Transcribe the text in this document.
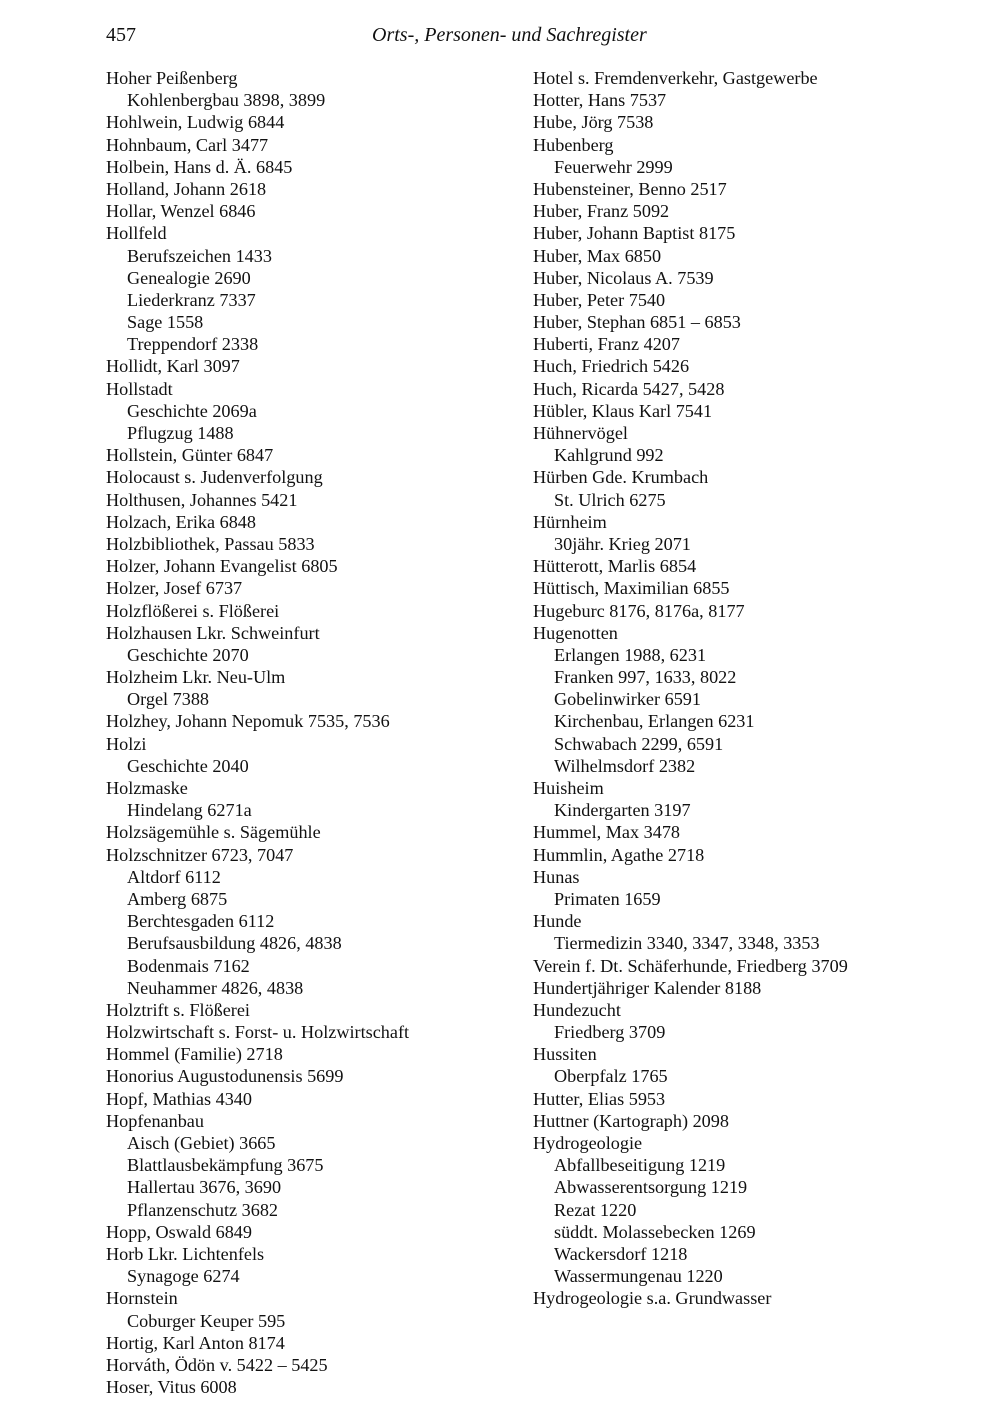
457	Orts-, Personen- und Sachregister
Hoher Peißenberg
Kohlenbergbau 3898, 3899
Hohlwein, Ludwig 6844
Hohnbaum, Carl 3477
Holbein, Hans d. Ä. 6845
Holland, Johann 2618
Hollar, Wenzel 6846
Hollfeld
Berufszeichen 1433
Genealogie 2690
Liederkranz 7337
Sage 1558
Treppendorf 2338
Hollidt, Karl 3097
Hollstadt
Geschichte 2069a
Pflugzug 1488
Hollstein, Günter 6847
Holocaust s. Judenverfolgung
Holthusen, Johannes 5421
Holzach, Erika 6848
Holzbibliothek, Passau 5833
Holzer, Johann Evangelist 6805
Holzer, Josef 6737
Holzflößerei s. Flößerei
Holzhausen Lkr. Schweinfurt
Geschichte 2070
Holzheim Lkr. Neu-Ulm
Orgel 7388
Holzhey, Johann Nepomuk 7535, 7536
Holzi
Geschichte 2040
Holzmaske
Hindelang 6271a
Holzsägemühle s. Sägemühle
Holzschnitzer 6723, 7047
Altdorf 6112
Amberg 6875
Berchtesgaden 6112
Berufsausbildung 4826, 4838
Bodenmais 7162
Neuhammer 4826, 4838
Holztrift s. Flößerei
Holzwirtschaft s. Forst- u. Holzwirtschaft
Hommel (Familie) 2718
Honorius Augustodunensis 5699
Hopf, Mathias 4340
Hopfenanbau
Aisch (Gebiet) 3665
Blattlausbekämpfung 3675
Hallertau 3676, 3690
Pflanzenschutz 3682
Hopp, Oswald 6849
Horb Lkr. Lichtenfels
Synagoge 6274
Hornstein
Coburger Keuper 595
Hortig, Karl Anton 8174
Horváth, Ödön v. 5422 – 5425
Hoser, Vitus 6008
Hotel s. Fremdenverkehr, Gastgewerbe
Hotter, Hans 7537
Hube, Jörg 7538
Hubenberg
Feuerwehr 2999
Hubensteiner, Benno 2517
Huber, Franz 5092
Huber, Johann Baptist 8175
Huber, Max 6850
Huber, Nicolaus A. 7539
Huber, Peter 7540
Huber, Stephan 6851 – 6853
Huberti, Franz 4207
Huch, Friedrich 5426
Huch, Ricarda 5427, 5428
Hübler, Klaus Karl 7541
Hühnervögel
Kahlgrund 992
Hürben Gde. Krumbach
St. Ulrich 6275
Hürnheim
30jähr. Krieg 2071
Hütterott, Marlis 6854
Hüttisch, Maximilian 6855
Hugeburc 8176, 8176a, 8177
Hugenotten
Erlangen 1988, 6231
Franken 997, 1633, 8022
Gobelinwirker 6591
Kirchenbau, Erlangen 6231
Schwabach 2299, 6591
Wilhelmsdorf 2382
Huisheim
Kindergarten 3197
Hummel, Max 3478
Hummlin, Agathe 2718
Hunas
Primaten 1659
Hunde
Tiermedizin 3340, 3347, 3348, 3353
Verein f. Dt. Schäferhunde, Friedberg 3709
Hundertjähriger Kalender 8188
Hundezucht
Friedberg 3709
Hussiten
Oberpfalz 1765
Hutter, Elias 5953
Huttner (Kartograph) 2098
Hydrogeologie
Abfallbeseitigung 1219
Abwasserentsorgung 1219
Rezat 1220
süddt. Molassebecken 1269
Wackersdorf 1218
Wassermungenau 1220
Hydrogeologie s.a. Grundwasser
